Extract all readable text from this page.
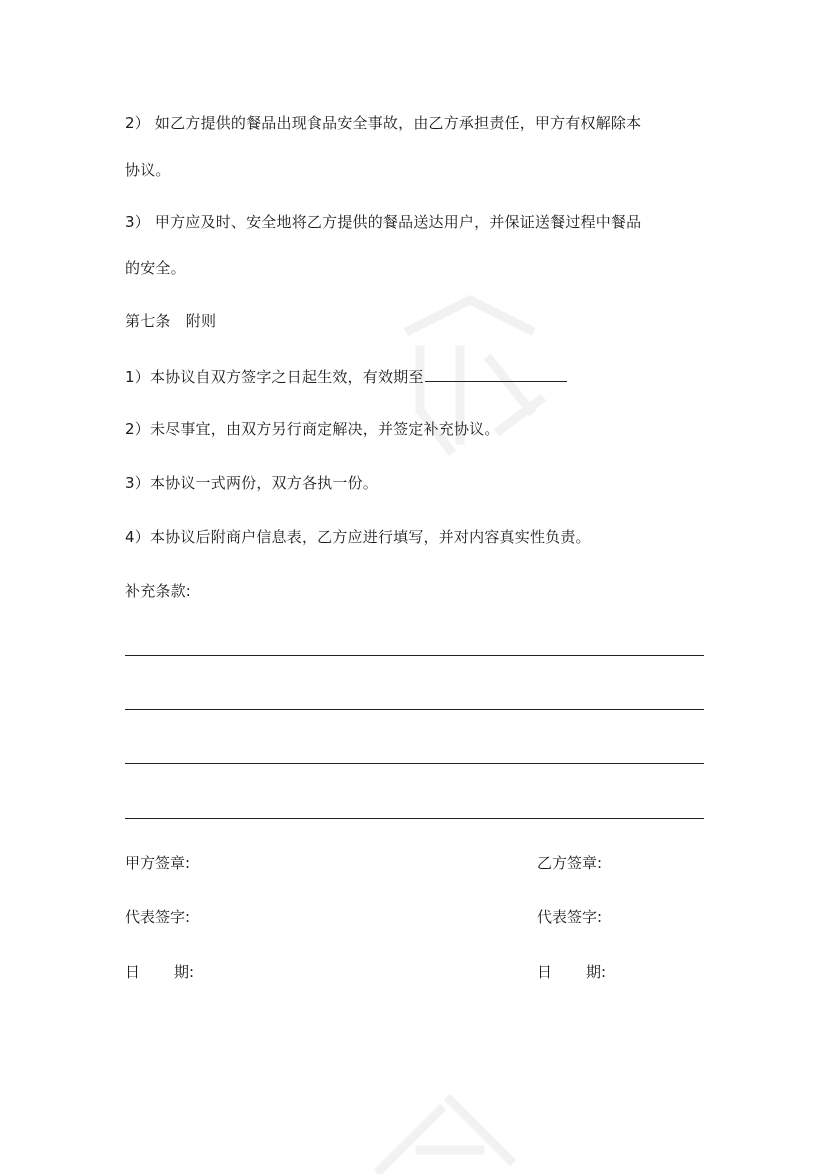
2） 如乙方提供的餐品出现食品安全事故，由乙方承担责任，甲方有权解除本
协议。
3） 甲方应及时、安全地将乙方提供的餐品送达用户，并保证送餐过程中餐品
的安全。
第七条　附则
1）本协议自双方签字之日起生效，有效期至
2）未尽事宜，由双方另行商定解决，并签定补充协议。
3）本协议一式两份，双方各执一份。
4）本协议后附商户信息表，乙方应进行填写，并对内容真实性负责。
补充条款:
甲方签章:	乙方签章:
代表签字:	代表签字:
日 期:	日 期:
